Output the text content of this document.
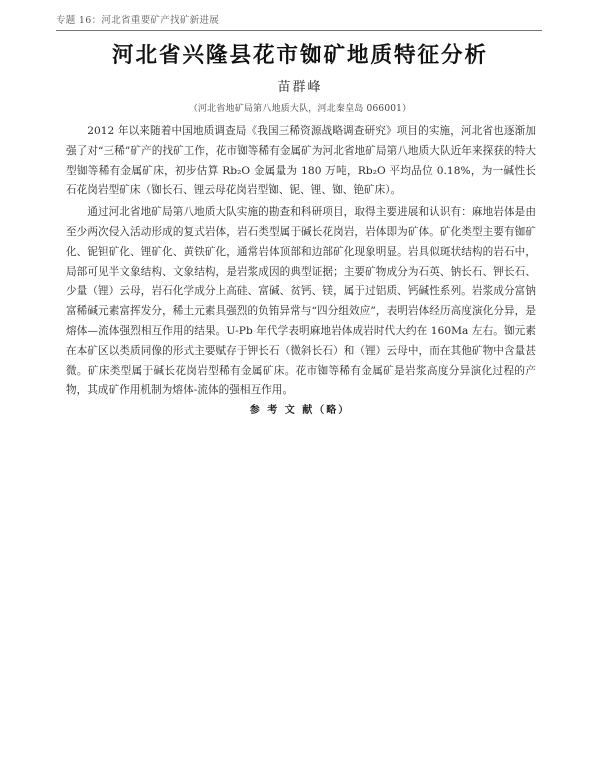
专题 16：河北省重要矿产找矿新进展
河北省兴隆县花市铷矿地质特征分析
苗群峰
（河北省地矿局第八地质大队，河北秦皇岛 066001）

2012 年以来随着中国地质调查局《我国三稀资源战略调查研究》项目的实施，河北省也逐渐加强了对“三稀”矿产的找矿工作，花市铷等稀有金属矿为河北省地矿局第八地质大队近年来探获的特大型铷等稀有金属矿床，初步估算 Rb₂O 金属量为 180 万吨，Rb₂O 平均品位 0.18%，为一碱性长石花岗岩型矿床（铷长石、锂云母花岗岩型铷、铌、锂、铷、铯矿床）。

通过河北省地矿局第八地质大队实施的勘查和科研项目，取得主要进展和认识有：麻地岩体是由至少两次侵入活动形成的复式岩体，岩石类型属于碱长花岗岩，岩体即为矿体。矿化类型主要有铷矿化、铌钽矿化、锂矿化、黄铁矿化，通常岩体顶部和边部矿化现象明显。岩具似斑状结构的岩石中，局部可见半文象结构、文象结构，是岩浆成因的典型证据；主要矿物成分为石英、钠长石、钾长石、少量（锂）云母，岩石化学成分上高硅、富碱、贫钙、镁，属于过铝质、钙碱性系列。岩浆成分富钠富稀碱元素富挥发分，稀土元素具强烈的负铕异常与“四分组效应”，表明岩体经历高度演化分异，是熔体—流体强烈相互作用的结果。U-Pb 年代学表明麻地岩体成岩时代大约在 160Ma 左右。铷元素在本矿区以类质同像的形式主要赋存于钾长石（微斜长石）和（锂）云母中，而在其他矿物中含量甚微。矿床类型属于碱长花岗岩型稀有金属矿床。花市铷等稀有金属矿是岩浆高度分异演化过程的产物，其成矿作用机制为熔体-流体的强相互作用。

参 考 文 献（略）
